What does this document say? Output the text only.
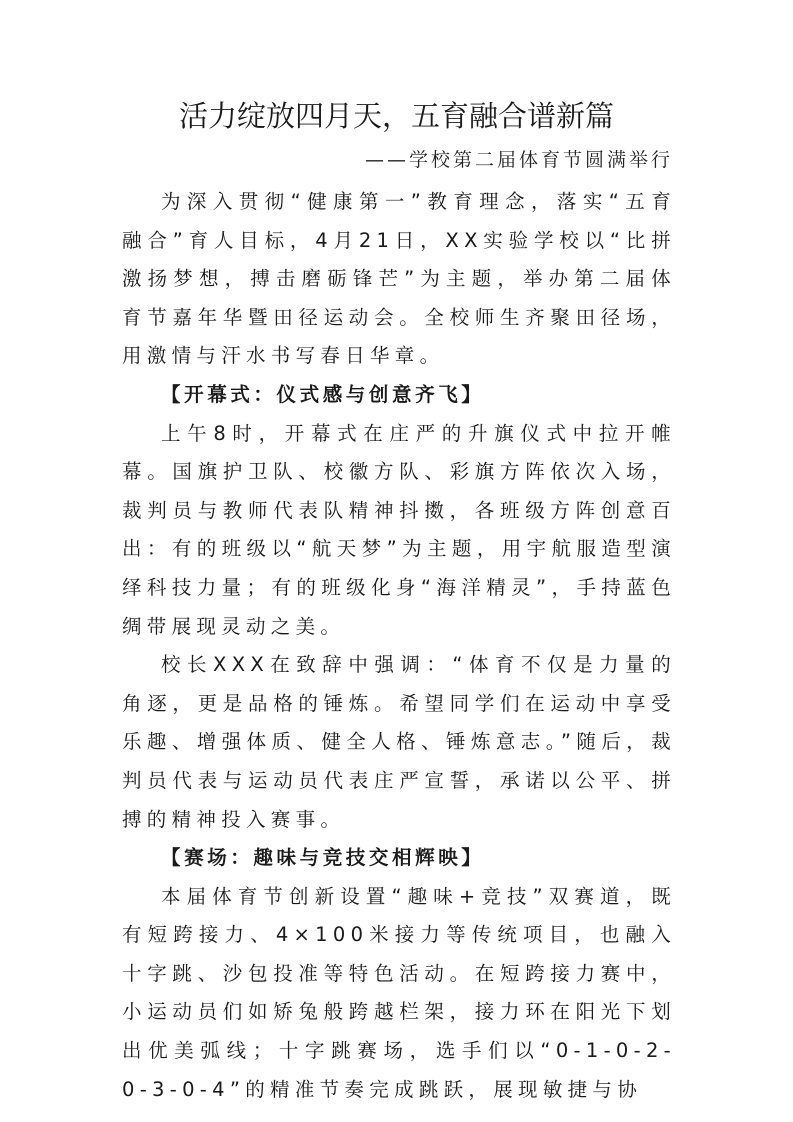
活力绽放四月天，五育融合谱新篇
——学校第二届体育节圆满举行

为深入贯彻“健康第一”教育理念，落实“五育融合”育人目标，4月21日，XX实验学校以“比拼激扬梦想，搏击磨砺锋芒”为主题，举办第二届体育节嘉年华暨田径运动会。全校师生齐聚田径场，用激情与汗水书写春日华章。

【开幕式：仪式感与创意齐飞】

上午8时，开幕式在庄严的升旗仪式中拉开帷幕。国旗护卫队、校徽方队、彩旗方阵依次入场，裁判员与教师代表队精神抖擞，各班级方阵创意百出：有的班级以“航天梦”为主题，用宇航服造型演绎科技力量；有的班级化身“海洋精灵”，手持蓝色绸带展现灵动之美。

校长XXX在致辞中强调：“体育不仅是力量的角逐，更是品格的锤炼。希望同学们在运动中享受乐趣、增强体质、健全人格、锤炼意志。”随后，裁判员代表与运动员代表庄严宣誓，承诺以公平、拼搏的精神投入赛事。

【赛场：趣味与竞技交相辉映】

本届体育节创新设置“趣味+竞技”双赛道，既有短跨接力、4×100米接力等传统项目，也融入十字跳、沙包投准等特色活动。在短跨接力赛中，小运动员们如矫兔般跨越栏架，接力环在阳光下划出优美弧线；十字跳赛场，选手们以“0-1-0-2-0-3-0-4”的精准节奏完成跳跃，展现敏捷与协
